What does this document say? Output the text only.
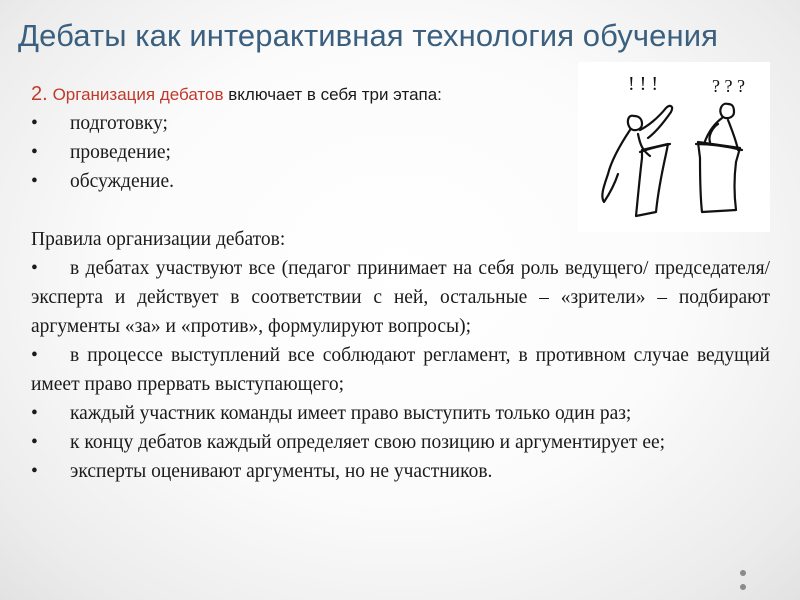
Дебаты как интерактивная технология обучения
2. Организация дебатов включает в себя три этапа:
•	подготовку;
•	проведение;
•	обсуждение.
Правила организации дебатов:
• в дебатах участвуют все (педагог принимает на себя роль ведущего/ председателя/ эксперта и действует в соответствии с ней, остальные – «зрители» – подбирают аргументы «за» и «против», формулируют вопросы);
• в процессе выступлений все соблюдают регламент, в противном случае ведущий имеет право прервать выступающего;
• каждый участник команды имеет право выступить только один раз;
• к концу дебатов каждый определяет свою позицию и аргументирует ее;
• эксперты оценивают аргументы, но не участников.
! ! !	? ? ?
